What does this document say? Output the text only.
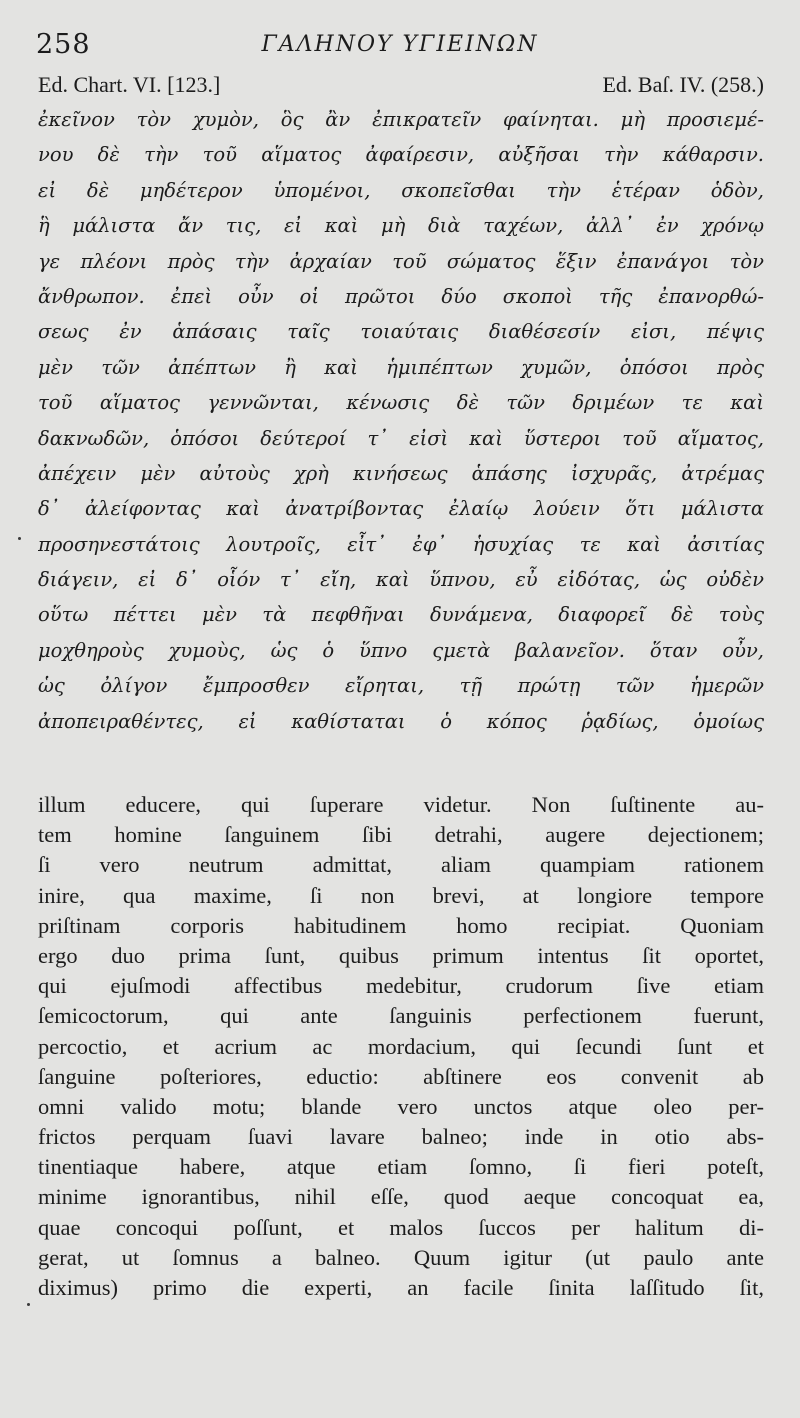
258	ΓΑΛΗΝΟΥ ΥΓΙΕΙΝΩΝ
Ed. Chart. VI. [123.]	Ed. Baſ. IV. (258.)
ἐκεῖνον τὸν χυμὸν, ὃς ἂν ἐπικρατεῖν φαίνηται. μὴ προσιεμέ-
νου δὲ τὴν τοῦ αἵματος ἀφαίρεσιν, αὐξῆσαι τὴν κάθαρσιν.
εἰ δὲ μηδέτερον ὑπομένοι, σκοπεῖσθαι τὴν ἑτέραν ὁδὸν,
ἣ μάλιστα ἄν τις, εἰ καὶ μὴ διὰ ταχέων, ἀλλ᾿ ἐν χρόνῳ
γε πλέονι πρὸς τὴν ἀρχαίαν τοῦ σώματος ἕξιν ἐπανάγοι τὸν
ἄνθρωπον. ἐπεὶ οὖν οἱ πρῶτοι δύο σκοποὶ τῆς ἐπανορθώ-
σεως ἐν ἁπάσαις ταῖς τοιαύταις διαθέσεσίν εἰσι, πέψις
μὲν τῶν ἀπέπτων ἢ καὶ ἡμιπέπτων χυμῶν, ὁπόσοι πρὸς
τοῦ αἵματος γεννῶνται, κένωσις δὲ τῶν δριμέων τε καὶ
δακνωδῶν, ὁπόσοι δεύτεροί τ᾿ εἰσὶ καὶ ὕστεροι τοῦ αἵματος,
ἀπέχειν μὲν αὐτοὺς χρὴ κινήσεως ἁπάσης ἰσχυρᾶς, ἀτρέμας
δ᾿ ἀλείφοντας καὶ ἀνατρίβοντας ἐλαίῳ λούειν ὅτι μάλιστα
προσηνεστάτοις λουτροῖς, εἶτ᾿ ἐφ᾿ ἡσυχίας τε καὶ ἀσιτίας
διάγειν, εἰ δ᾿ οἷόν τ᾿ εἴη, καὶ ὕπνου, εὖ εἰδότας, ὡς οὐδὲν
οὕτω πέττει μὲν τὰ πεφθῆναι δυνάμενα, διαφορεῖ δὲ τοὺς
μοχθηροὺς χυμοὺς, ὡς ὁ ὕπνο ςμετὰ βαλανεῖον. ὅταν οὖν,
ὡς ὀλίγον ἔμπροσθεν εἴρηται, τῇ πρώτῃ τῶν ἡμερῶν
ἀποπειραθέντες, εἰ καθίσταται ὁ κόπος ῥᾳδίως, ὁμοίως
illum educere, qui ſuperare videtur. Non ſuſtinente au-
tem homine ſanguinem ſibi detrahi, augere dejectionem;
ſi vero neutrum admittat, aliam quampiam rationem
inire, qua maxime, ſi non brevi, at longiore tempore
priſtinam corporis habitudinem homo recipiat. Quoniam
ergo duo prima ſunt, quibus primum intentus ſit oportet,
qui ejuſmodi affectibus medebitur, crudorum ſive etiam
ſemicoctorum, qui ante ſanguinis perfectionem fuerunt,
percoctio, et acrium ac mordacium, qui ſecundi ſunt et
ſanguine poſteriores, eductio: abſtinere eos convenit ab
omni valido motu; blande vero unctos atque oleo per-
frictos perquam ſuavi lavare balneo; inde in otio abs-
tinentiaque habere, atque etiam ſomno, ſi fieri poteſt,
minime ignorantibus, nihil eſſe, quod aeque concoquat ea,
quae concoqui poſſunt, et malos ſuccos per halitum di-
gerat, ut ſomnus a balneo. Quum igitur (ut paulo ante
diximus) primo die experti, an facile ſinita laſſitudo ſit,
